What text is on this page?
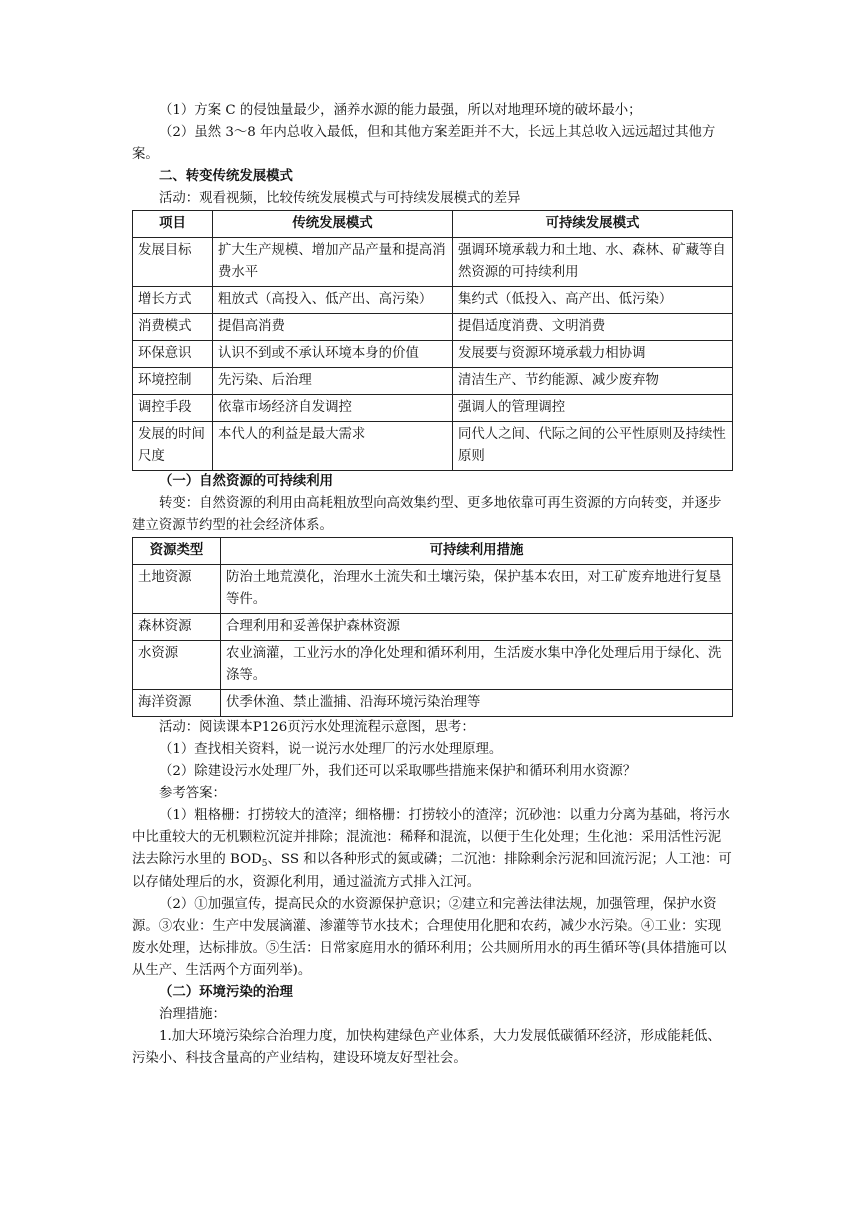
（1）方案 C 的侵蚀量最少，涵养水源的能力最强，所以对地理环境的破坏最小；

（2）虽然 3～8 年内总收入最低，但和其他方案差距并不大，长远上其总收入远远超过其他方案。

二、转变传统发展模式

活动：观看视频，比较传统发展模式与可持续发展模式的差异

项目	传统发展模式	可持续发展模式
发展目标	扩大生产规模、增加产品产量和提高消费水平	强调环境承载力和土地、水、森林、矿藏等自然资源的可持续利用
增长方式	粗放式（高投入、低产出、高污染）	集约式（低投入、高产出、低污染）
消费模式	提倡高消费	提倡适度消费、文明消费
环保意识	认识不到或不承认环境本身的价值	发展要与资源环境承载力相协调
环境控制	先污染、后治理	清洁生产、节约能源、减少废弃物
调控手段	依靠市场经济自发调控	强调人的管理调控
发展的时间尺度	本代人的利益是最大需求	同代人之间、代际之间的公平性原则及持续性原则

（一）自然资源的可持续利用

转变：自然资源的利用由高耗粗放型向高效集约型、更多地依靠可再生资源的方向转变，并逐步建立资源节约型的社会经济体系。

资源类型	可持续利用措施
土地资源	防治土地荒漠化，治理水土流失和土壤污染，保护基本农田，对工矿废弃地进行复垦等件。
森林资源	合理利用和妥善保护森林资源
水资源	农业滴灌，工业污水的净化处理和循环利用，生活废水集中净化处理后用于绿化、洗涤等。
海洋资源	伏季休渔、禁止滥捕、沿海环境污染治理等

活动：阅读课本P126页污水处理流程示意图，思考：

（1）查找相关资料，说一说污水处理厂的污水处理原理。

（2）除建设污水处理厂外，我们还可以采取哪些措施来保护和循环利用水资源？

参考答案：

（1）粗格栅：打捞较大的渣滓；细格栅：打捞较小的渣滓；沉砂池：以重力分离为基础，将污水中比重较大的无机颗粒沉淀并排除；混流池：稀释和混流，以便于生化处理；生化池：采用活性污泥法去除污水里的 $BOD_5$、SS 和以各种形式的氮或磷；二沉池：排除剩余污泥和回流污泥；人工池：可以存储处理后的水，资源化利用，通过溢流方式排入江河。

（2）①加强宣传，提高民众的水资源保护意识；②建立和完善法律法规，加强管理，保护水资源。③农业：生产中发展滴灌、渗灌等节水技术；合理使用化肥和农药，减少水污染。④工业：实现废水处理，达标排放。⑤生活：日常家庭用水的循环利用；公共厕所用水的再生循环等(具体措施可以从生产、生活两个方面列举)。

（二）环境污染的治理

治理措施：

1.加大环境污染综合治理力度，加快构建绿色产业体系，大力发展低碳循环经济，形成能耗低、污染小、科技含量高的产业结构，建设环境友好型社会。
